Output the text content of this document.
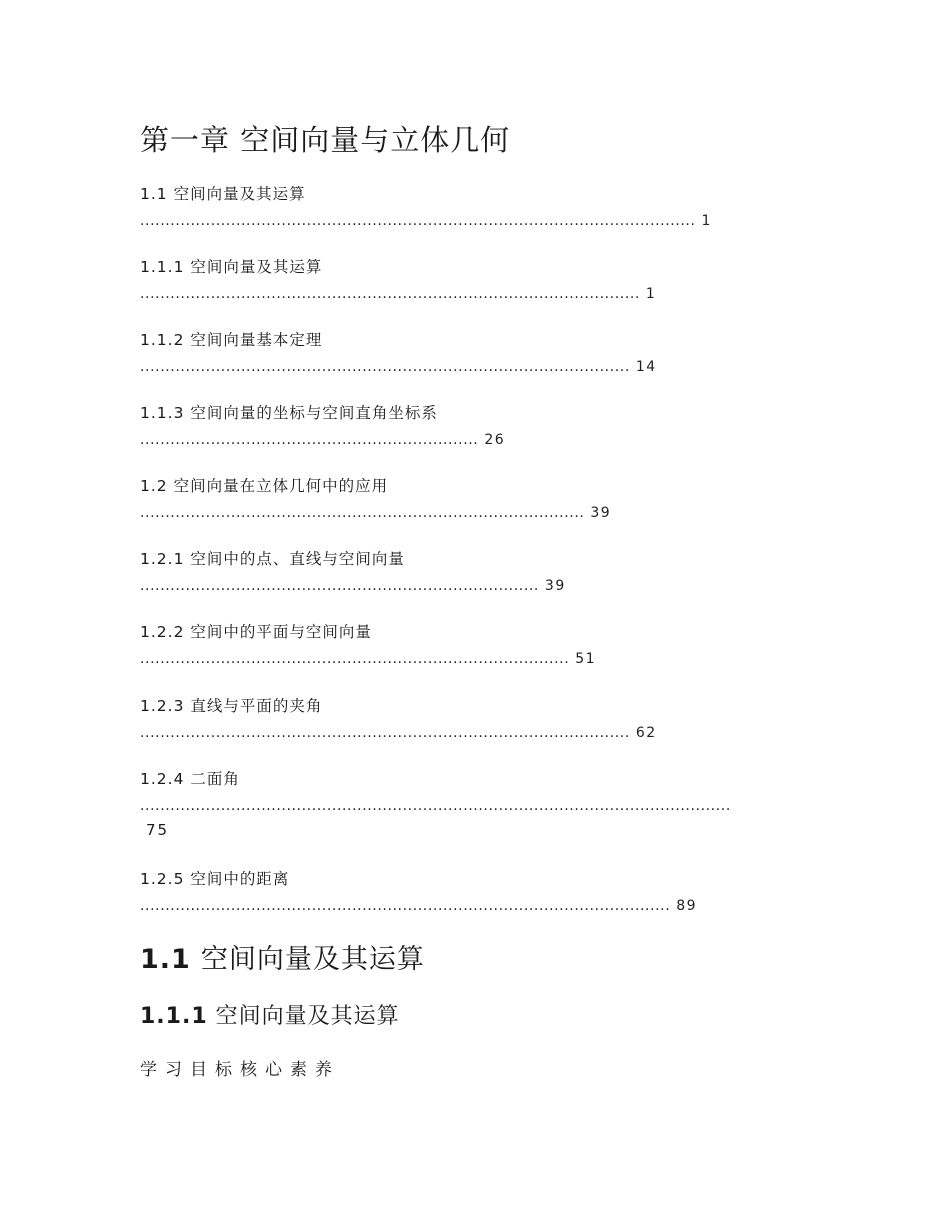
第一章 空间向量与立体几何
1.1 空间向量及其运算
.............................................................................................................. 1
1.1.1 空间向量及其运算
................................................................................................... 1
1.1.2 空间向量基本定理
................................................................................................. 14
1.1.3 空间向量的坐标与空间直角坐标系
................................................................... 26
1.2 空间向量在立体几何中的应用
........................................................................................ 39
1.2.1 空间中的点、直线与空间向量
............................................................................... 39
1.2.2 空间中的平面与空间向量
..................................................................................... 51
1.2.3 直线与平面的夹角
................................................................................................. 62
1.2.4 二面角
.....................................................................................................................
75
1.2.5 空间中的距离
......................................................................................................... 89
1.1 空间向量及其运算
1.1.1 空间向量及其运算
学习目标核心素养
